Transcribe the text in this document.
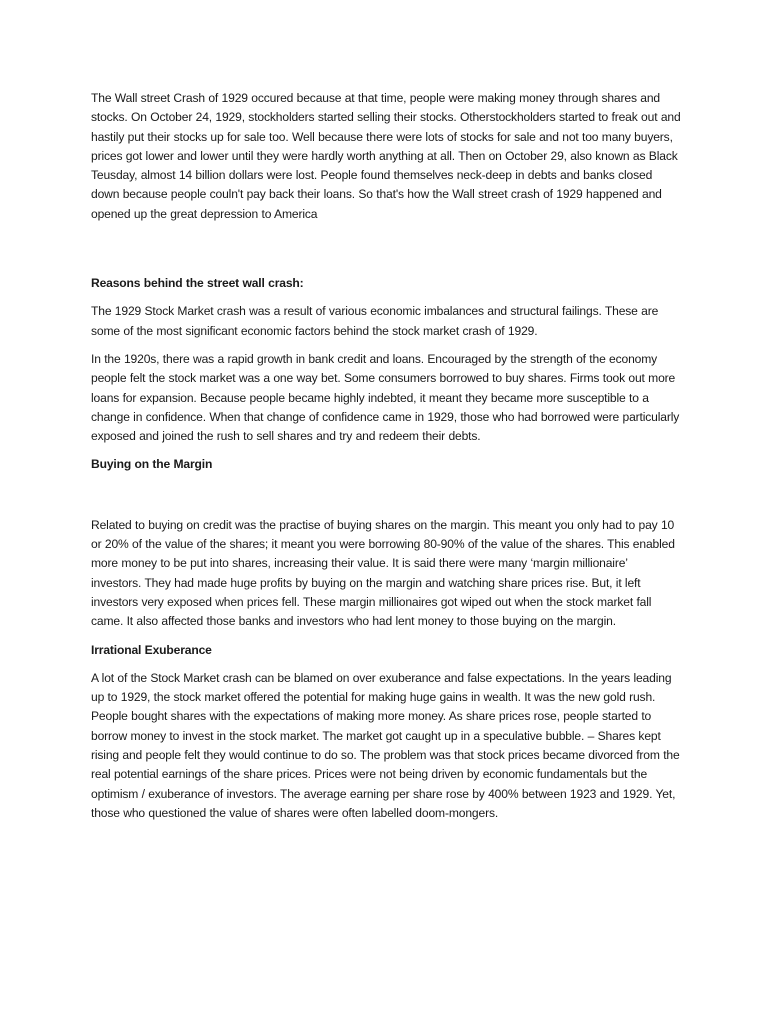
The Wall street Crash of 1929 occured because at that time, people were making money through shares and stocks. On October 24, 1929, stockholders started selling their stocks. Otherstockholders started to freak out and hastily put their stocks up for sale too. Well because there were lots of stocks for sale and not too many buyers, prices got lower and lower until they were hardly worth anything at all. Then on October 29, also known as Black Teusday, almost 14 billion dollars were lost. People found themselves neck-deep in debts and banks closed down because people couln't pay back their loans. So that's how the Wall street crash of 1929 happened and opened up the great depression to America

Reasons behind the street wall crash:

The 1929 Stock Market crash was a result of various economic imbalances and structural failings. These are some of the most significant economic factors behind the stock market crash of 1929.

In the 1920s, there was a rapid growth in bank credit and loans. Encouraged by the strength of the economy people felt the stock market was a one way bet. Some consumers borrowed to buy shares. Firms took out more loans for expansion. Because people became highly indebted, it meant they became more susceptible to a change in confidence. When that change of confidence came in 1929, those who had borrowed were particularly exposed and joined the rush to sell shares and try and redeem their debts.

Buying on the Margin

Related to buying on credit was the practise of buying shares on the margin. This meant you only had to pay 10 or 20% of the value of the shares; it meant you were borrowing 80-90% of the value of the shares. This enabled more money to be put into shares, increasing their value. It is said there were many ‘margin millionaire’ investors. They had made huge profits by buying on the margin and watching share prices rise. But, it left investors very exposed when prices fell. These margin millionaires got wiped out when the stock market fall came. It also affected those banks and investors who had lent money to those buying on the margin.

Irrational Exuberance

A lot of the Stock Market crash can be blamed on over exuberance and false expectations. In the years leading up to 1929, the stock market offered the potential for making huge gains in wealth. It was the new gold rush. People bought shares with the expectations of making more money. As share prices rose, people started to borrow money to invest in the stock market. The market got caught up in a speculative bubble. – Shares kept rising and people felt they would continue to do so. The problem was that stock prices became divorced from the real potential earnings of the share prices. Prices were not being driven by economic fundamentals but the optimism / exuberance of investors. The average earning per share rose by 400% between 1923 and 1929. Yet, those who questioned the value of shares were often labelled doom-mongers.
